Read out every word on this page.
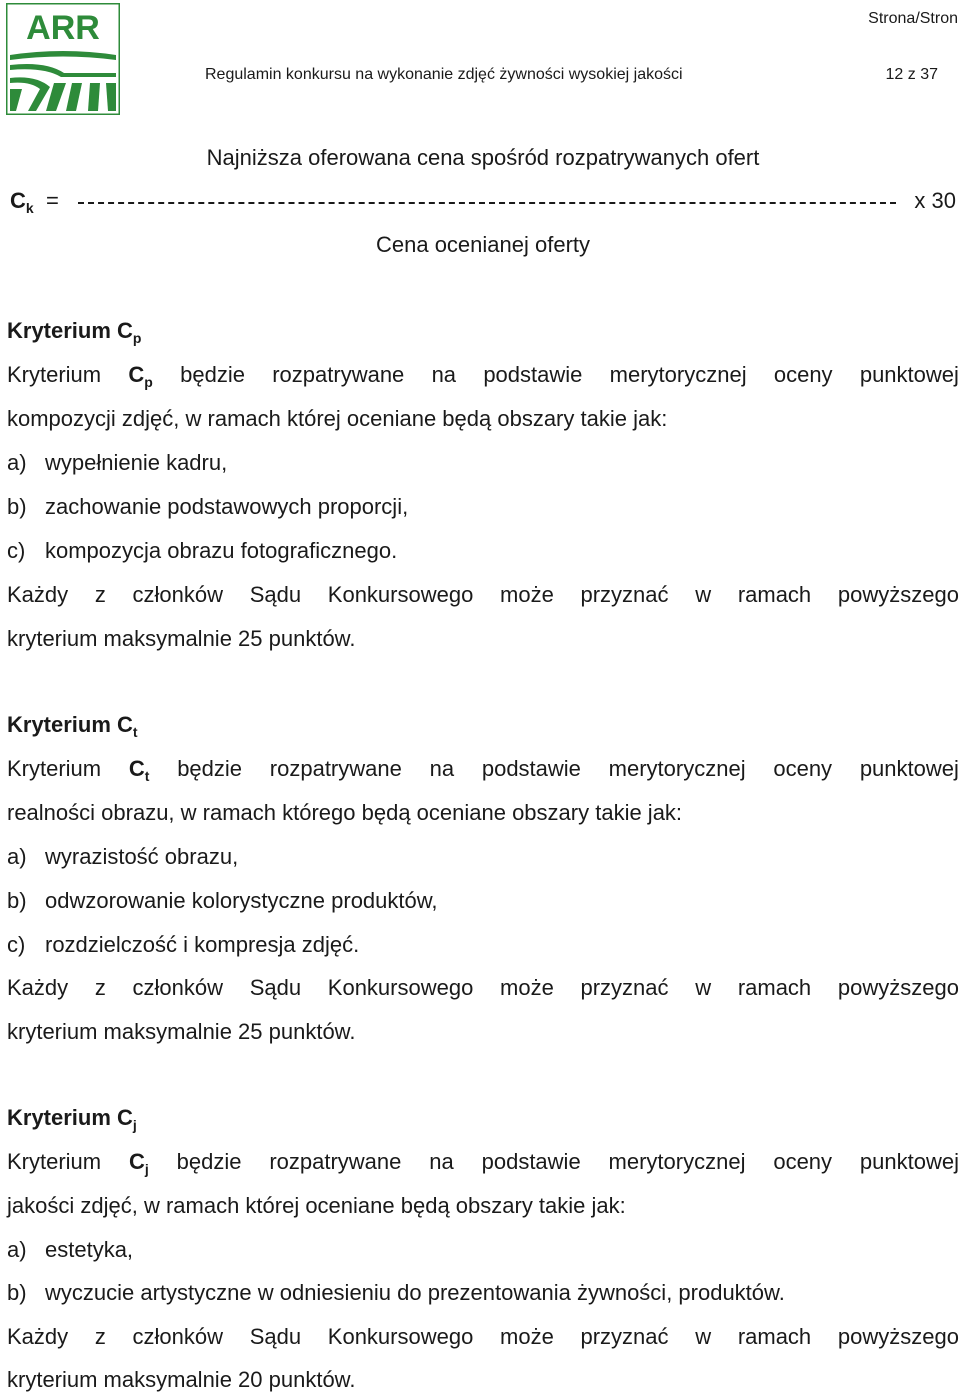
ARR	Strona/Stron
Regulamin konkursu na wykonanie zdjęć żywności wysokiej jakości	12 z 37
Najniższa oferowana cena spośród rozpatrywanych ofert
$C_k$ =	x 30
Cena ocenianej oferty
Kryterium $C_p$
Kryterium $C_p$ będzie rozpatrywane na podstawie merytorycznej oceny punktowej
kompozycji zdjęć, w ramach której oceniane będą obszary takie jak:
a) wypełnienie kadru,
b) zachowanie podstawowych proporcji,
c) kompozycja obrazu fotograficznego.
Każdy z członków Sądu Konkursowego może przyznać w ramach powyższego
kryterium maksymalnie 25 punktów.
Kryterium $C_t$
Kryterium $C_t$ będzie rozpatrywane na podstawie merytorycznej oceny punktowej
realności obrazu, w ramach którego będą oceniane obszary takie jak:
a) wyrazistość obrazu,
b) odwzorowanie kolorystyczne produktów,
c) rozdzielczość i kompresja zdjęć.
Każdy z członków Sądu Konkursowego może przyznać w ramach powyższego
kryterium maksymalnie 25 punktów.
Kryterium $C_j$
Kryterium $C_j$ będzie rozpatrywane na podstawie merytorycznej oceny punktowej
jakości zdjęć, w ramach której oceniane będą obszary takie jak:
a) estetyka,
b) wyczucie artystyczne w odniesieniu do prezentowania żywności, produktów.
Każdy z członków Sądu Konkursowego może przyznać w ramach powyższego
kryterium maksymalnie 20 punktów.
